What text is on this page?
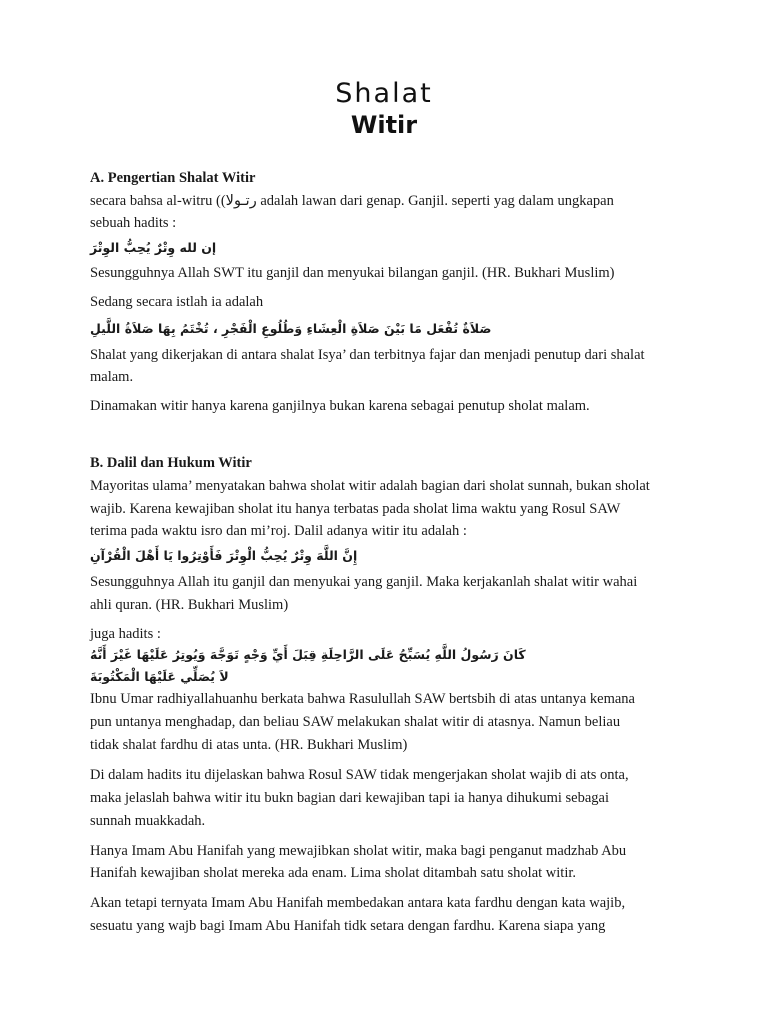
Shalat
Witir
A. Pengertian Shalat Witir
secara bahsa al-witru ((رتـولا adalah lawan dari genap. Ganjil. seperti yag dalam ungkapan
sebuah hadits :
إن لله وِتْرٌ يُحِبُّ الوِتْرَ
Sesungguhnya Allah SWT itu ganjil dan menyukai bilangan ganjil. (HR. Bukhari Muslim)
Sedang secara istlah ia adalah
صَلاَةٌ تُفْعَل مَا بَيْنَ صَلاَةِ الْعِشَاءِ وَطُلُوعِ الْفَجْرِ ، تُخْتَمُ بِهَا صَلاَةُ اللَّيلِ
Shalat yang dikerjakan di antara shalat Isya’ dan terbitnya fajar dan menjadi penutup dari shalat
malam.
Dinamakan witir hanya karena ganjilnya bukan karena sebagai penutup sholat malam.
B. Dalil dan Hukum Witir
Mayoritas ulama’ menyatakan bahwa sholat witir adalah bagian dari sholat sunnah, bukan sholat
wajib. Karena kewajiban sholat itu hanya terbatas pada sholat lima waktu yang Rosul SAW
terima pada waktu isro dan mi’roj. Dalil adanya witir itu adalah :
إِنَّ اللَّهَ وِتْرٌ يُحِبُّ الْوِتْرَ فَأَوْتِرُوا يَا أَهْلَ الْقُرْآنِ
Sesungguhnya Allah itu ganjil dan menyukai yang ganjil. Maka kerjakanlah shalat witir wahai
ahli quran. (HR. Bukhari Muslim)
juga hadits :
كَانَ رَسُولُ اللَّهِ يُسَبِّحُ عَلَى الرَّاحِلَةِ قِبَلَ أَيِّ وَجْهٍ تَوَجَّهَ وَيُوتِرُ عَلَيْهَا غَيْرَ أَنَّهُ
لاَ يُصَلِّي عَلَيْهَا الْمَكْتُوبَةَ
Ibnu Umar radhiyallahuanhu berkata bahwa Rasulullah SAW bertsbih di atas untanya kemana
pun untanya menghadap, dan beliau SAW melakukan shalat witir di atasnya. Namun beliau
tidak shalat fardhu di atas unta. (HR. Bukhari Muslim)
Di dalam hadits itu dijelaskan bahwa Rosul SAW tidak mengerjakan sholat wajib di ats onta,
maka jelaslah bahwa witir itu bukn bagian dari kewajiban tapi ia hanya dihukumi sebagai
sunnah muakkadah.
Hanya Imam Abu Hanifah yang mewajibkan sholat witir, maka bagi penganut madzhab Abu
Hanifah kewajiban sholat mereka ada enam. Lima sholat ditambah satu sholat witir.
Akan tetapi ternyata Imam Abu Hanifah membedakan antara kata fardhu dengan kata wajib,
sesuatu yang wajb bagi Imam Abu Hanifah tidk setara dengan fardhu. Karena siapa yang
